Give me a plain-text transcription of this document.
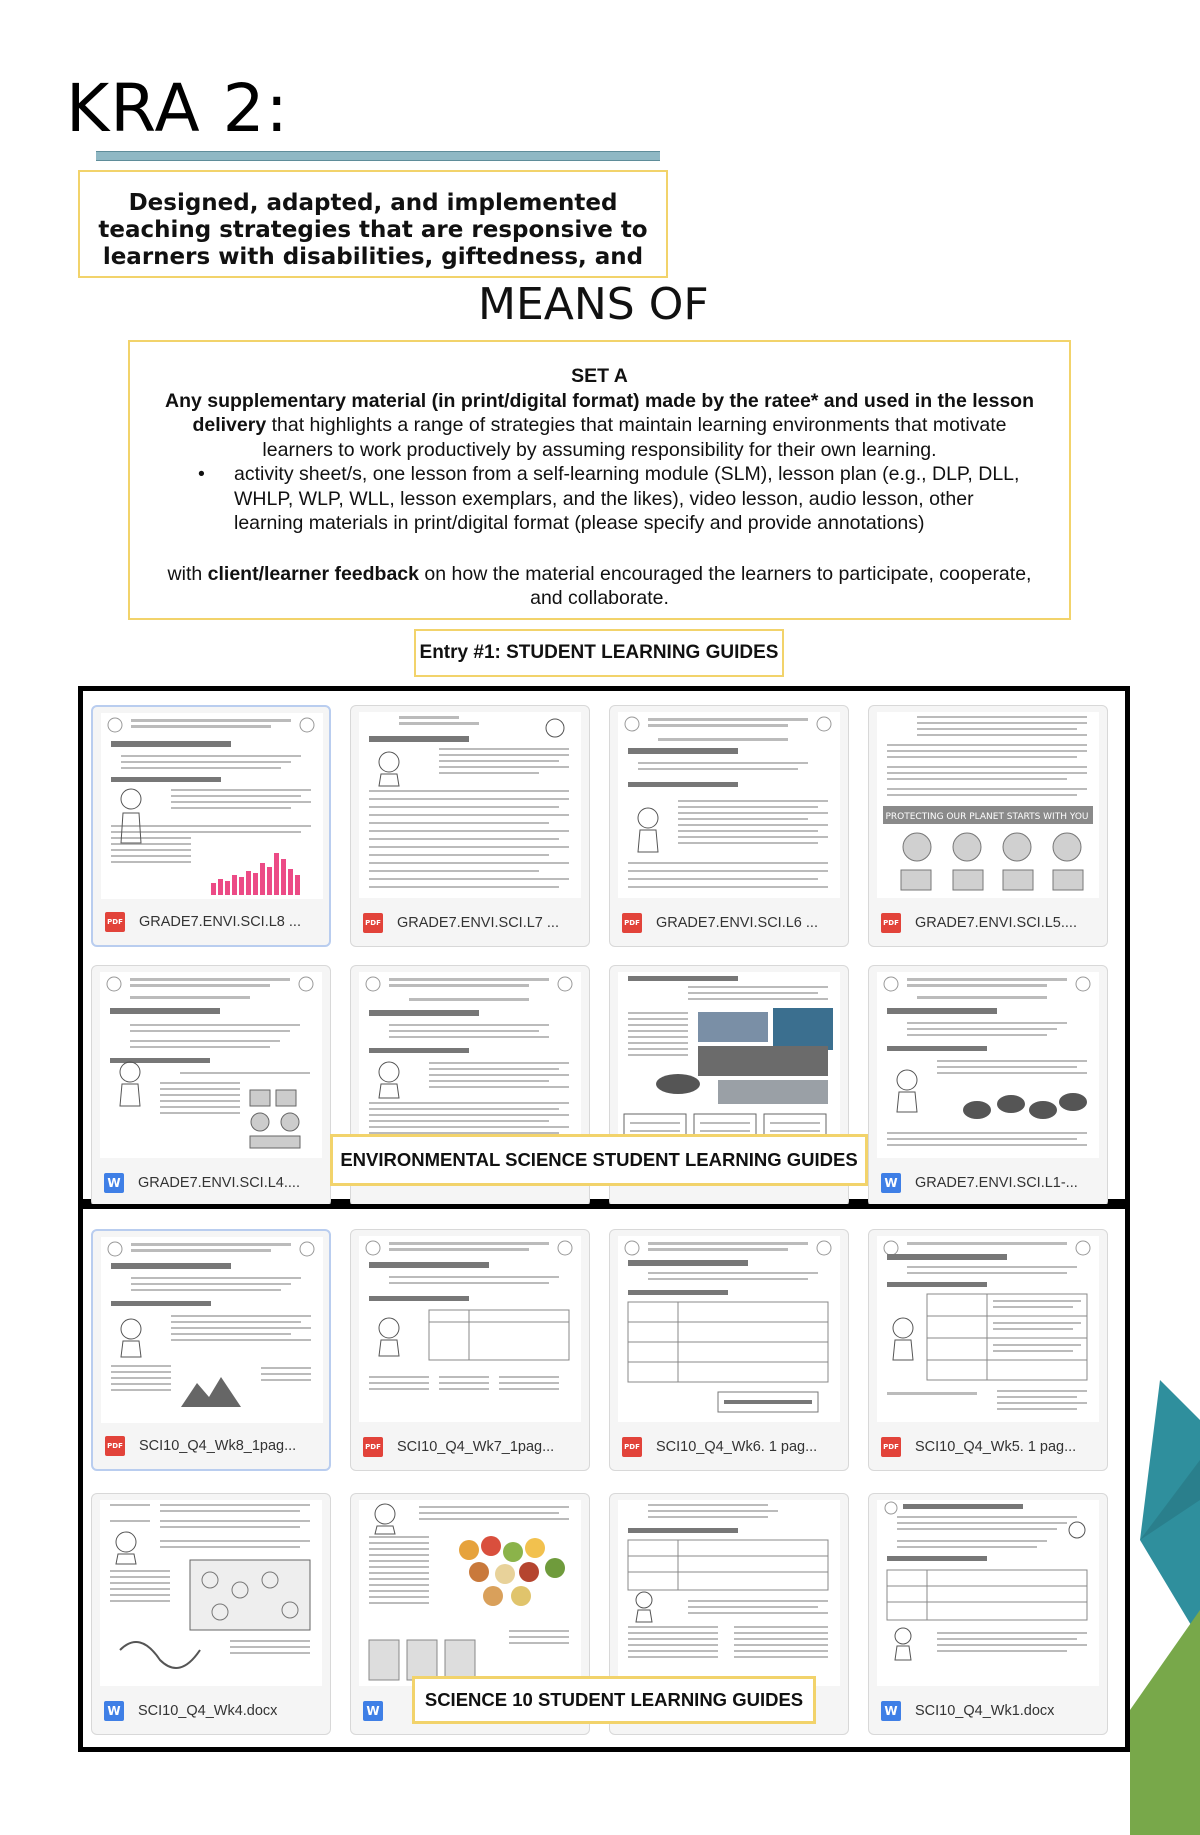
KRA 2:
Designed, adapted, and implemented
teaching strategies that are responsive to
learners with disabilities, giftedness, and
MEANS OF
SET A
Any supplementary material (in print/digital format) made by the ratee* and used in the lesson delivery that highlights a range of strategies that maintain learning environments that motivate learners to work productively by assuming responsibility for their own learning.
•	activity sheet/s, one lesson from a self-learning module (SLM), lesson plan (e.g., DLP, DLL, WHLP, WLP, WLL, lesson exemplars, and the likes), video lesson, audio lesson, other learning materials in print/digital format (please specify and provide annotations)
with client/learner feedback on how the material encouraged the learners to participate, cooperate, and collaborate.
Entry #1: STUDENT LEARNING GUIDES
PDF GRADE7.ENVI.SCI.L8 ...	PDF GRADE7.ENVI.SCI.L7 ...	PDF GRADE7.ENVI.SCI.L6 ...
PROTECTING OUR PLANET STARTS WITH YOU
PDF GRADE7.ENVI.SCI.L5....
W GRADE7.ENVI.SCI.L4....	W GRADE7.ENVI.SCI.L1-...
PDF SCI10_Q4_Wk8_1pag...	PDF SCI10_Q4_Wk7_1pag...	PDF SCI10_Q4_Wk6. 1 pag...	PDF SCI10_Q4_Wk5. 1 pag...
W SCI10_Q4_Wk4.docx	W	W SCI10_Q4_Wk1.docx
ENVIRONMENTAL SCIENCE STUDENT LEARNING GUIDES
SCIENCE 10 STUDENT LEARNING GUIDES
